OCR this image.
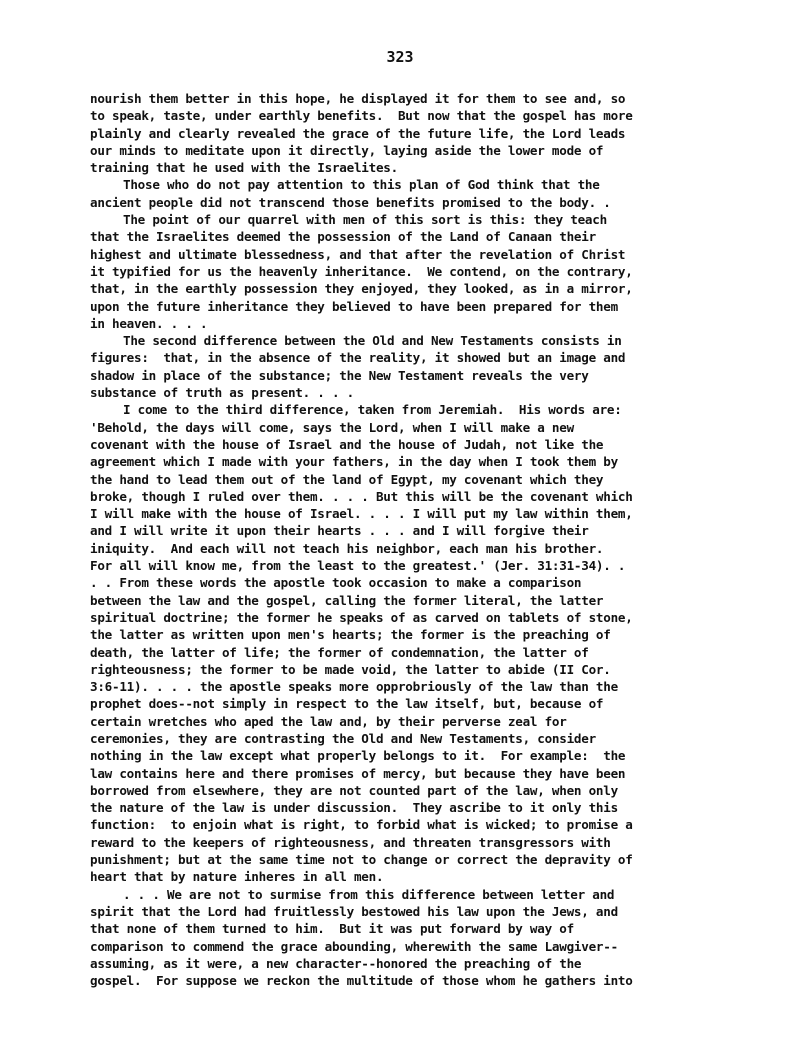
323
nourish them better in this hope, he displayed it for them to see and, so
to speak, taste, under earthly benefits.  But now that the gospel has more
plainly and clearly revealed the grace of the future life, the Lord leads
our minds to meditate upon it directly, laying aside the lower mode of
training that he used with the Israelites.
Those who do not pay attention to this plan of God think that the
ancient people did not transcend those benefits promised to the body. .
The point of our quarrel with men of this sort is this: they teach
that the Israelites deemed the possession of the Land of Canaan their
highest and ultimate blessedness, and that after the revelation of Christ
it typified for us the heavenly inheritance.  We contend, on the contrary,
that, in the earthly possession they enjoyed, they looked, as in a mirror,
upon the future inheritance they believed to have been prepared for them
in heaven. . . .
The second difference between the Old and New Testaments consists in
figures:  that, in the absence of the reality, it showed but an image and
shadow in place of the substance; the New Testament reveals the very
substance of truth as present. . . .
I come to the third difference, taken from Jeremiah.  His words are:
'Behold, the days will come, says the Lord, when I will make a new
covenant with the house of Israel and the house of Judah, not like the
agreement which I made with your fathers, in the day when I took them by
the hand to lead them out of the land of Egypt, my covenant which they
broke, though I ruled over them. . . . But this will be the covenant which
I will make with the house of Israel. . . . I will put my law within them,
and I will write it upon their hearts . . . and I will forgive their
iniquity.  And each will not teach his neighbor, each man his brother.
For all will know me, from the least to the greatest.' (Jer. 31:31-34). .
. . From these words the apostle took occasion to make a comparison
between the law and the gospel, calling the former literal, the latter
spiritual doctrine; the former he speaks of as carved on tablets of stone,
the latter as written upon men's hearts; the former is the preaching of
death, the latter of life; the former of condemnation, the latter of
righteousness; the former to be made void, the latter to abide (II Cor.
3:6-11). . . . the apostle speaks more opprobriously of the law than the
prophet does--not simply in respect to the law itself, but, because of
certain wretches who aped the law and, by their perverse zeal for
ceremonies, they are contrasting the Old and New Testaments, consider
nothing in the law except what properly belongs to it.  For example:  the
law contains here and there promises of mercy, but because they have been
borrowed from elsewhere, they are not counted part of the law, when only
the nature of the law is under discussion.  They ascribe to it only this
function:  to enjoin what is right, to forbid what is wicked; to promise a
reward to the keepers of righteousness, and threaten transgressors with
punishment; but at the same time not to change or correct the depravity of
heart that by nature inheres in all men.
. . . We are not to surmise from this difference between letter and
spirit that the Lord had fruitlessly bestowed his law upon the Jews, and
that none of them turned to him.  But it was put forward by way of
comparison to commend the grace abounding, wherewith the same Lawgiver--
assuming, as it were, a new character--honored the preaching of the
gospel.  For suppose we reckon the multitude of those whom he gathers into
